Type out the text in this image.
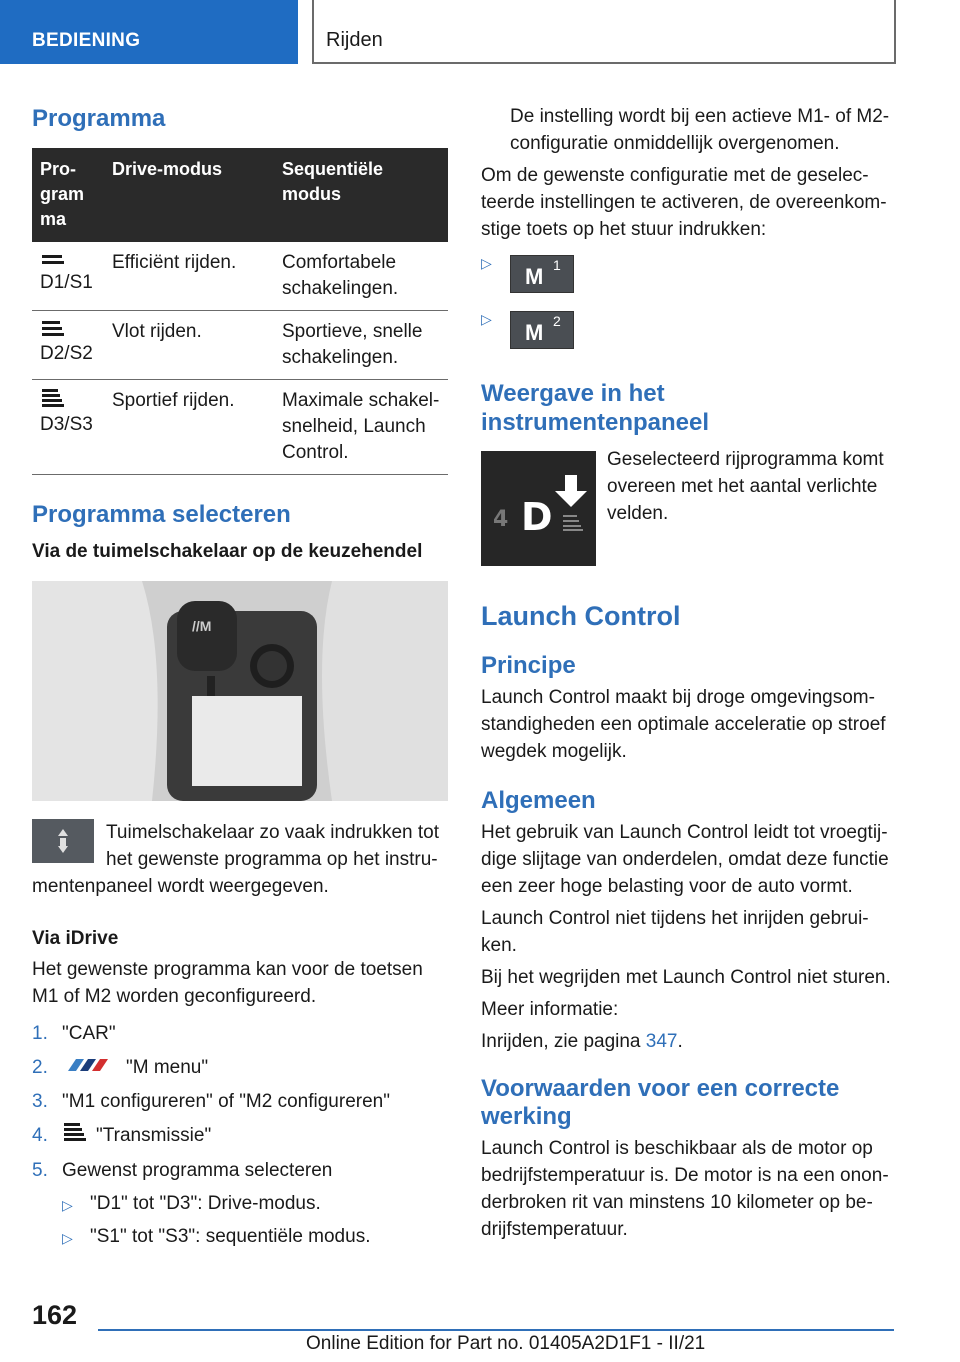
BEDIENING	Rijden
Programma
Pro-
gram
ma	Drive-modus	Sequentiële
modus

D1/S1	Efficiënt rijden.	Comfortabele
schakelingen.

D2/S2	Vlot rijden.	Sportieve, snelle
schakelingen.

D3/S3	Sportief rijden.	Maximale schakel-
snelheid, Launch
Control.
Programma selecteren
Via de tuimelschakelaar op de keuzehendel
//M
Tuimelschakelaar zo vaak indrukken tot het gewenste programma op het instru-mentenpaneel wordt weergegeven.
Via iDrive
Het gewenste programma kan voor de toetsen M1 of M2 worden geconfigureerd.
1. "CAR"
2.	"M menu"
3. "M1 configureren" of "M2 configureren"
4.	"Transmissie"
5. Gewenst programma selecteren
▷ "D1" tot "D3": Drive-modus.
▷ "S1" tot "S3": sequentiële modus.
De instelling wordt bij een actieve M1- of M2-configuratie onmiddellijk overgenomen.
Om de gewenste configuratie met de geselec-teerde instellingen te activeren, de overeenkom-stige toets op het stuur indrukken:
▷
M 1
▷
M 2
Weergave in het instrumentenpaneel
4 D
Geselecteerd rijprogramma komt overeen met het aantal verlichte velden.
Launch Control
Principe
Launch Control maakt bij droge omgevingsom-standigheden een optimale acceleratie op stroef wegdek mogelijk.
Algemeen
Het gebruik van Launch Control leidt tot vroegtij-dige slijtage van onderdelen, omdat deze functie een zeer hoge belasting voor de auto vormt.
Launch Control niet tijdens het inrijden gebrui-ken.
Bij het wegrijden met Launch Control niet sturen.
Meer informatie:
Inrijden, zie pagina 347.
Voorwaarden voor een correcte werking
Launch Control is beschikbaar als de motor op bedrijfstemperatuur is. De motor is na een onon-derbroken rit van minstens 10 kilometer op be-drijfstemperatuur.
162
Online Edition for Part no. 01405A2D1F1 - II/21
